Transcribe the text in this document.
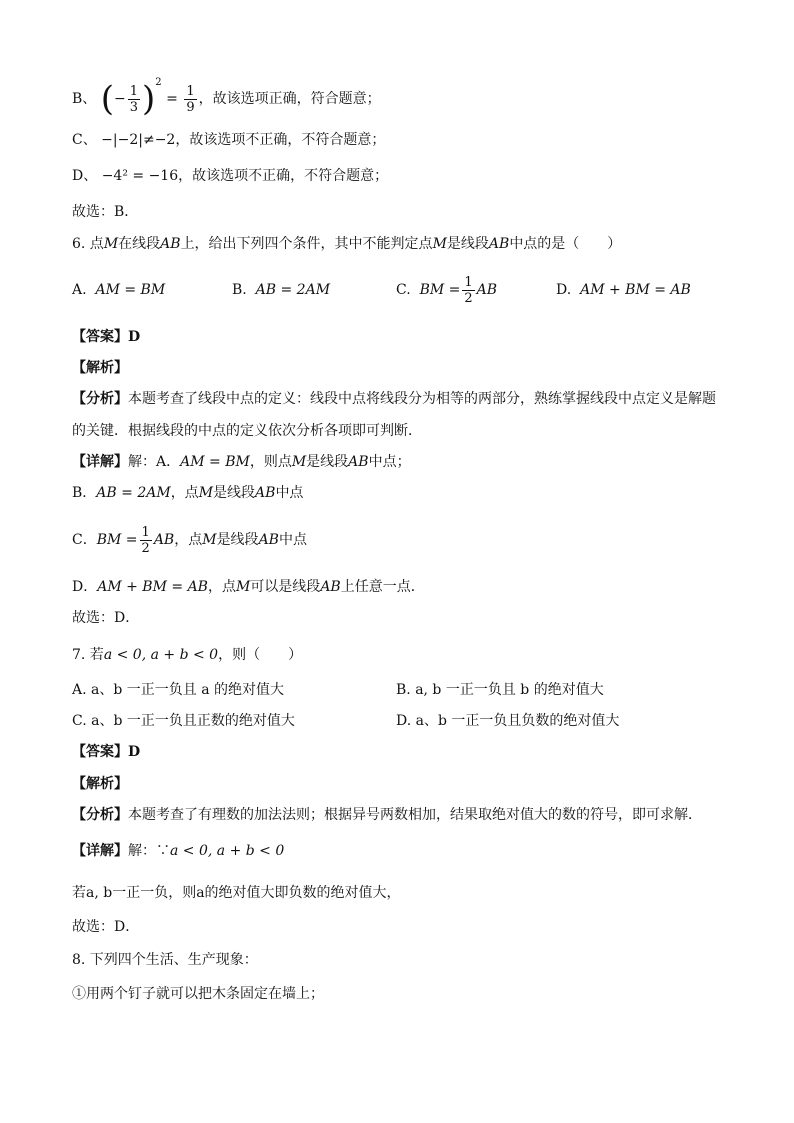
B、 (− $\frac{1}{3} )^2 = \frac{1}{9}$ ，故该选项正确，符合题意；
C、 −|−2|≠−2，故该选项不正确，不符合题意；
D、 −4² = −16，故该选项不正确，不符合题意；
故选：B．
6. 点M在线段AB上，给出下列四个条件，其中不能判定点M是线段AB中点的是（　　）
A. AM = BM	B. AB = 2AM	C. BM = $\frac{1}{2}$ AB	D. AM + BM = AB
【答案】D
【解析】
【分析】本题考查了线段中点的定义：线段中点将线段分为相等的两部分，熟练掌握线段中点定义是解题
的关键．根据线段的中点的定义依次分析各项即可判断．
【详解】解：A．AM = BM，则点M是线段AB中点；
B．AB = 2AM，点M是线段AB中点
C．BM = $\frac{1}{2}$ AB，点M是线段AB中点
D．AM + BM = AB，点M可以是线段AB上任意一点．
故选：D．
7. 若a < 0, a + b < 0，则（　　）
A. a、b 一正一负且 a 的绝对值大	B. a, b 一正一负且 b 的绝对值大
C. a、b 一正一负且正数的绝对值大	D. a、b 一正一负且负数的绝对值大
【答案】D
【解析】
【分析】本题考查了有理数的加法法则；根据异号两数相加，结果取绝对值大的数的符号，即可求解．
【详解】解：∵a < 0, a + b < 0
若a, b一正一负，则a的绝对值大即负数的绝对值大，
故选：D．
8. 下列四个生活、生产现象：
①用两个钉子就可以把木条固定在墙上；
